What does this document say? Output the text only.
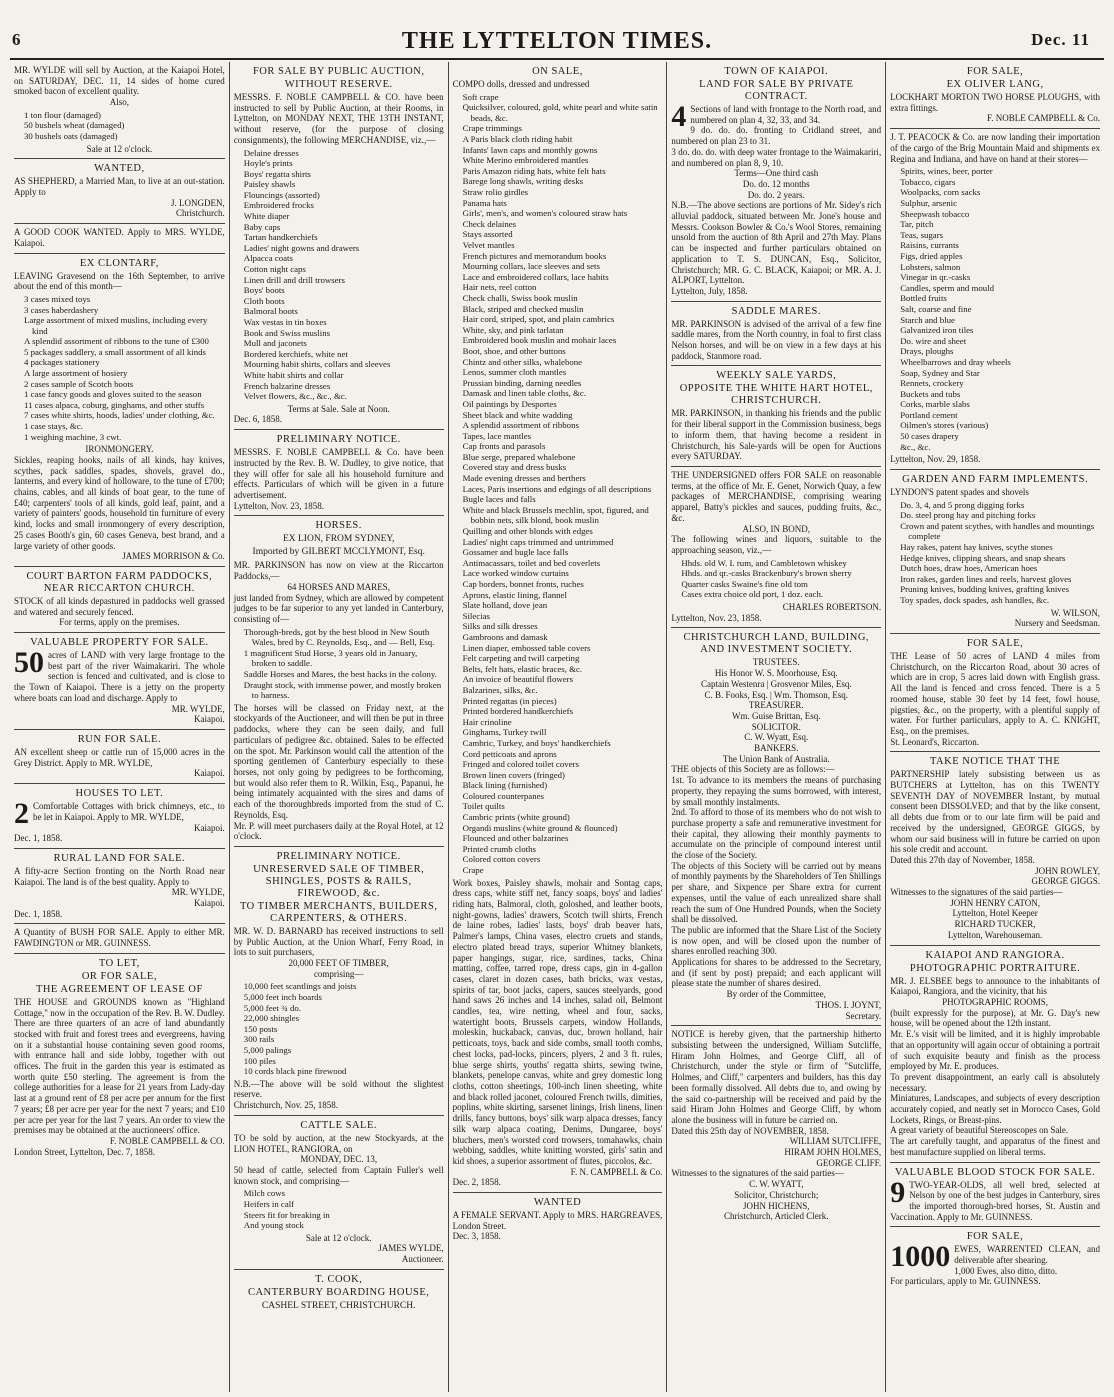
6	THE LYTTELTON TIMES.	Dec. 11

MR. WYLDE will sell by Auction, at the Kaiapoi Hotel, on SATURDAY, DEC. 11, 14 sides of home cured smoked bacon of excellent quality.

Also,

1 ton flour (damaged)
50 bushels wheat (damaged)
30 bushels oats (damaged)

Sale at 12 o'clock.

WANTED,

AS SHEPHERD, a Married Man, to live at an out-station. Apply to

J. LONGDEN,

Christchurch.

A GOOD COOK WANTED. Apply to MRS. WYLDE, Kaiapoi.

EX CLONTARF,

LEAVING Gravesend on the 16th September, to arrive about the end of this month—

3 cases mixed toys
3 cases haberdashery
Large assortment of mixed muslins, including every kind
A splendid assortment of ribbons to the tune of £300
5 packages saddlery, a small assortment of all kinds
4 packages stationery
A large assortment of hosiery
2 cases sample of Scotch boots
1 case fancy goods and gloves suited to the season
11 cases alpaca, coburg, ginghams, and other stuffs
7 cases white shirts, hoods, ladies' under clothing, &c.
1 case stays, &c.
1 weighing machine, 3 cwt.

IRONMONGERY.

Sickles, reaping hooks, nails of all kinds, hay knives, scythes, pack saddles, spades, shovels, gravel do., lanterns, and every kind of holloware, to the tune of £700; chains, cables, and all kinds of boat gear, to the tune of £40; carpenters' tools of all kinds, gold leaf, paint, and a variety of painters' goods, household tin furniture of every kind, locks and small ironmongery of every description, 25 cases Booth's gin, 60 cases Geneva, best brand, and a large variety of other goods.

JAMES MORRISON & Co.

COURT BARTON FARM PADDOCKS, NEAR RICCARTON CHURCH.

STOCK of all kinds depastured in paddocks well grassed and watered and securely fenced.

For terms, apply on the premises.

VALUABLE PROPERTY FOR SALE.
50 acres of LAND with very large frontage to the best part of the river Waimakariri. The whole section is fenced and cultivated, and is close to the Town of Kaiapoi. There is a jetty on the property where boats can load and discharge. Apply to

MR. WYLDE,

Kaiapoi.

RUN FOR SALE.

AN excellent sheep or cattle run of 15,000 acres in the Grey District. Apply to MR. WYLDE,

Kaiapoi.

HOUSES TO LET.
2 Comfortable Cottages with brick chimneys, etc., to be let in Kaiapoi. Apply to MR. WYLDE,

Kaiapoi.

Dec. 1, 1858.

RURAL LAND FOR SALE.

A fifty-acre Section fronting on the North Road near Kaiapoi. The land is of the best quality. Apply to

MR. WYLDE,

Kaiapoi.

Dec. 1, 1858.

A Quantity of BUSH FOR SALE. Apply to either MR. FAWDINGTON or MR. GUINNESS.

TO LET,
OR FOR SALE,
THE AGREEMENT OF LEASE OF

THE HOUSE and GROUNDS known as "Highland Cottage," now in the occupation of the Rev. B. W. Dudley. There are three quarters of an acre of land abundantly stocked with fruit and forest trees and evergreens, having on it a substantial house containing seven good rooms, with entrance hall and side lobby, together with out offices. The fruit in the garden this year is estimated as worth quite £50 sterling. The agreement is from the college authorities for a lease for 21 years from Lady-day last at a ground rent of £8 per acre per annum for the first 7 years; £8 per acre per year for the next 7 years; and £10 per acre per year for the last 7 years. An order to view the premises may be obtained at the auctioneers' office.

F. NOBLE CAMPBELL & CO.

London Street, Lyttelton, Dec. 7, 1858.

FOR SALE BY PUBLIC AUCTION,
WITHOUT RESERVE.

MESSRS. F. NOBLE CAMPBELL & CO. have been instructed to sell by Public Auction, at their Rooms, in Lyttelton, on MONDAY NEXT, THE 13TH INSTANT, without reserve, (for the purpose of closing consignments), the following MERCHANDISE, viz.,—

Delaine dresses
Hoyle's prints
Boys' regatta shirts
Paisley shawls
Flouncings (assorted)
Embroidered frocks
White diaper
Baby caps
Tartan handkerchiefs
Ladies' night gowns and drawers
Alpacca coats
Cotton night caps
Linen drill and drill trowsers
Boys' boots
Cloth boots
Balmoral boots
Wax vestas in tin boxes
Book and Swiss muslins
Mull and jaconets
Bordered kerchiefs, white net
Mourning habit shirts, collars and sleeves
White habit shirts and collar
French balzarine dresses
Velvet flowers, &c., &c., &c.

Terms at Sale. Sale at Noon.

Dec. 6, 1858.

PRELIMINARY NOTICE.

MESSRS. F. NOBLE CAMPBELL & Co. have been instructed by the Rev. B. W. Dudley, to give notice, that they will offer for sale all his household furniture and effects. Particulars of which will be given in a future advertisement.

Lyttelton, Nov. 23, 1858.

HORSES.

EX LION, FROM SYDNEY,

Imported by GILBERT MCCLYMONT, Esq.

MR. PARKINSON has now on view at the Riccarton Paddocks,—

64 HORSES AND MARES,

just landed from Sydney, which are allowed by competent judges to be far superior to any yet landed in Canterbury, consisting of—

Thorough-breds, got by the best blood in New South Wales, bred by C. Reynolds, Esq., and — Bell, Esq.
1 magnificent Stud Horse, 3 years old in January, broken to saddle.
Saddle Horses and Mares, the best hacks in the colony.
Draught stock, with immense power, and mostly broken to harness.

The horses will be classed on Friday next, at the stockyards of the Auctioneer, and will then be put in three paddocks, where they can be seen daily, and full particulars of pedigree &c. obtained. Sales to be effected on the spot. Mr. Parkinson would call the attention of the sporting gentlemen of Canterbury especially to these horses, not only going by pedigrees to be forthcoming, but would also refer them to R. Wilkin, Esq., Papanui, he being intimately acquainted with the sires and dams of each of the thoroughbreds imported from the stud of C. Reynolds, Esq.

Mr. P. will meet purchasers daily at the Royal Hotel, at 12 o'clock.

PRELIMINARY NOTICE.
UNRESERVED SALE OF TIMBER, SHINGLES, POSTS & RAILS, FIREWOOD, &c.
TO TIMBER MERCHANTS, BUILDERS, CARPENTERS, & OTHERS.

MR. W. D. BARNARD has received instructions to sell by Public Auction, at the Union Wharf, Ferry Road, in lots to suit purchasers,

20,000 FEET OF TIMBER,

comprising—

10,000 feet scantlings and joists
5,000 feet inch boards
5,000 feet ¾ do.
22,000 shingles
150 posts
300 rails
5,000 palings
100 piles
10 cords black pine firewood

N.B.—The above will be sold without the slightest reserve.

Christchurch, Nov. 25, 1858.

CATTLE SALE.

TO be sold by auction, at the new Stockyards, at the LION HOTEL, RANGIORA, on

MONDAY, DEC. 13,

50 head of cattle, selected from Captain Fuller's well known stock, and comprising—

Milch cows
Heifers in calf
Steers fit for breaking in
And young stock

Sale at 12 o'clock.

JAMES WYLDE,

Auctioneer.

T. COOK,
CANTERBURY BOARDING HOUSE,

CASHEL STREET, CHRISTCHURCH.

ON SALE,

COMPO dolls, dressed and undressed

Soft crape
Quicksilver, coloured, gold, white pearl and white satin beads, &c.
Crape trimmings
A Paris black cloth riding habit
Infants' lawn caps and monthly gowns
White Merino embroidered mantles
Paris Amazon riding hats, white felt hats
Barege long shawls, writing desks
Straw rolio girdles
Panama hats
Girls', men's, and women's coloured straw hats
Check delaines
Stays assorted
Velvet mantles
French pictures and memorandum books
Mourning collars, lace sleeves and sets
Lace and embroidered collars, lace habits
Hair nets, reel cotton
Check challi, Swiss book muslin
Black, striped and checked muslin
Hair cord, striped, spot, and plain cambrics
White, sky, and pink tarlatan
Embroidered book muslin and mohair laces
Boot, shoe, and other buttons
Chintz and other silks, whalebone
Lenos, summer cloth mantles
Prussian binding, darning needles
Damask and linen table cloths, &c.
Oil paintings by Desportes
Sheet black and white wadding
A splendid assortment of ribbons
Tapes, lace mantles
Cap fronts and parasols
Blue serge, prepared whalebone
Covered stay and dress busks
Made evening dresses and berthers
Laces, Paris insertions and edgings of all descriptions
Bugle laces and falls
White and black Brussels mechlin, spot, figured, and bobbin nets, silk blond, book muslin
Quilling and other blonds with edges
Ladies' night caps trimmed and untrimmed
Gossamer and bugle lace falls
Antimacassars, toilet and bed coverlets
Lace worked window curtains
Cap borders, bonnet fronts, ruches
Aprons, elastic lining, flannel
Slate holland, dove jean
Silecias
Silks and silk dresses
Gambroons and damask
Linen diaper, embossed table covers
Felt carpeting and twill carpeting
Belts, felt hats, elastic braces, &c.
An invoice of beautiful flowers
Balzarines, silks, &c.
Printed regattas (in pieces)
Printed bordered handkerchiefs
Hair crinoline
Ginghams, Turkey twill
Cambric, Turkey, and boys' handkerchiefs
Cord petticoats and aprons
Fringed and colored toilet covers
Brown linen covers (fringed)
Black lining (furnished)
Coloured counterpanes
Toilet quilts
Cambric prints (white ground)
Organdi muslins (white ground & flounced)
Flounced and other balzarines
Printed crumb cloths
Colored cotton covers
Crape

Work boxes, Paisley shawls, mohair and Sontag caps, dress caps, white stiff net, fancy soaps, boys' and ladies' riding hats, Balmoral, cloth, goloshed, and leather boots, night-gowns, ladies' drawers, Scotch twill shirts, French de laine robes, ladies' lasts, boys' drab beaver hats, Palmer's lamps, China vases, electro cruets and stands, electro plated bread trays, superior Whitney blankets, paper hangings, sugar, rice, sardines, tacks, China matting, coffee, tarred rope, dress caps, gin in 4-gallon cases, claret in dozen cases, bath bricks, wax vestas, spirits of tar, boot jacks, capers, sauces steelyards, good hand saws 26 inches and 14 inches, salad oil, Belmont candles, tea, wire netting, wheel and four, sacks, watertight boots, Brussels carpets, window Hollands, moleskin, huckaback, canvas, duc, brown holland, hair petticoats, toys, back and side combs, small tooth combs, chest locks, pad-locks, pincers, plyers, 2 and 3 ft. rules, blue serge shirts, youths' regatta shirts, sewing twine, blankets, penelope canvas, white and grey domestic long cloths, cotton sheetings, 100-inch linen sheeting, white and black rolled jaconet, coloured French twills, dimities, poplins, white skirting, sarsenet linings, Irish linens, linen drills, fancy buttons, boys' silk warp alpaca dresses, fancy silk warp alpaca coating, Denims, Dungaree, boys' bluchers, men's worsted cord trowsers, tomahawks, chain webbing, saddles, white knitting worsted, girls' satin and kid shoes, a superior assortment of flutes, piccolos, &c.

F. N. CAMPBELL & Co.

Dec. 2, 1858.

WANTED

A FEMALE SERVANT. Apply to MRS. HARGREAVES, London Street.

Dec. 3, 1858.

TOWN OF KAIAPOI.
LAND FOR SALE BY PRIVATE CONTRACT.
4 Sections of land with frontage to the North road, and numbered on plan 4, 32, 33, and 34.

9 do. do. do. fronting to Cridland street, and numbered on plan 23 to 31.

3 do. do. do. with deep water frontage to the Waimakariri, and numbered on plan 8, 9, 10.

Terms—One third cash

Do. do. 12 months

Do. do. 2 years.

N.B.—The above sections are portions of Mr. Sidey's rich alluvial paddock, situated between Mr. Jone's house and Messrs. Cookson Bowler & Co.'s Wool Stores, remaining unsold from the auction of 8th April and 27th May. Plans can be inspected and further particulars obtained on application to T. S. DUNCAN, Esq., Solicitor, Christchurch; MR. G. C. BLACK, Kaiapoi; or MR. A. J. ALPORT, Lyttelton.

Lyttelton, July, 1858.

SADDLE MARES.

MR. PARKINSON is advised of the arrival of a few fine saddle mares, from the North country, in foal to first class Nelson horses, and will be on view in a few days at his paddock, Stanmore road.

WEEKLY SALE YARDS,
OPPOSITE THE WHITE HART HOTEL, CHRISTCHURCH.

MR. PARKINSON, in thanking his friends and the public for their liberal support in the Commission business, begs to inform them, that having become a resident in Christchurch, his Sale-yards will be open for Auctions every SATURDAY.

THE UNDERSIGNED offers FOR SALE on reasonable terms, at the office of Mr. E. Genet, Norwich Quay, a few packages of MERCHANDISE, comprising wearing apparel, Batty's pickles and sauces, pudding fruits, &c., &c.

ALSO, IN BOND,

The following wines and liquors, suitable to the approaching season, viz.,—

Hhds. old W. I. rum, and Cambletown whiskey
Hhds. and qr.-casks Brackenbury's brown sherry
Quarter casks Swaine's fine old tom
Cases extra choice old port, 1 doz. each.

CHARLES ROBERTSON.

Lyttelton, Nov. 23, 1858.

CHRISTCHURCH LAND, BUILDING, AND INVESTMENT SOCIETY.

TRUSTEES.

His Honor W. S. Moorhouse, Esq.

Captain Westenra | Grosvenor Miles, Esq.

C. B. Fooks, Esq. | Wm. Thomson, Esq.

TREASURER.

Wm. Guise Brittan, Esq.

SOLICITOR.

C. W. Wyatt, Esq.

BANKERS.

The Union Bank of Australia.

THE objects of this Society are as follows:—

1st. To advance to its members the means of purchasing property, they repaying the sums borrowed, with interest, by small monthly instalments.

2nd. To afford to those of its members who do not wish to purchase property a safe and remunerative investment for their capital, they allowing their monthly payments to accumulate on the principle of compound interest until the close of the Society.

The objects of this Society will be carried out by means of monthly payments by the Shareholders of Ten Shillings per share, and Sixpence per Share extra for current expenses, until the value of each unrealized share shall reach the sum of One Hundred Pounds, when the Society shall be dissolved.

The public are informed that the Share List of the Society is now open, and will be closed upon the number of shares enrolled reaching 300.

Applications for shares to be addressed to the Secretary, and (if sent by post) prepaid; and each applicant will please state the number of shares desired.

By order of the Committee,

THOS. I. JOYNT,

Secretary.

NOTICE is hereby given, that the partnership hitherto subsisting between the undersigned, William Sutcliffe, Hiram John Holmes, and George Cliff, all of Christchurch, under the style or firm of "Sutcliffe, Holmes, and Cliff," carpenters and builders, has this day been formally dissolved. All debts due to, and owing by the said co-partnership will be received and paid by the said Hiram John Holmes and George Cliff, by whom alone the business will in future be carried on.

Dated this 25th day of NOVEMBER, 1858.

WILLIAM SUTCLIFFE,

HIRAM JOHN HOLMES,

GEORGE CLIFF.

Witnesses to the signatures of the said parties—

C. W. WYATT,

Solicitor, Christchurch;

JOHN HICHENS,

Christchurch, Articled Clerk.

FOR SALE,
EX OLIVER LANG,

LOCKHART MORTON TWO HORSE PLOUGHS, with extra fittings.

F. NOBLE CAMPBELL & Co.

J. T. PEACOCK & Co. are now landing their importation of the cargo of the Brig Mountain Maid and shipments ex Regina and Indiana, and have on hand at their stores—

Spirits, wines, beer, porter
Tobacco, cigars
Woolpacks, corn sacks
Sulphur, arsenic
Sheepwash tobacco
Tar, pitch
Teas, sugars
Raisins, currants
Figs, dried apples
Lobsters, salmon
Vinegar in qr.-casks
Candles, sperm and mould
Bottled fruits
Salt, coarse and fine
Starch and blue
Galvanized iron tiles
Do. wire and sheet
Drays, ploughs
Wheelbarrows and dray wheels
Soap, Sydney and Star
Rennets, crockery
Buckets and tubs
Corks, marble slabs
Portland cement
Oilmen's stores (various)
50 cases drapery
&c., &c.

Lyttelton, Nov. 29, 1858.

GARDEN AND FARM IMPLEMENTS.

LYNDON'S patent spades and shovels

Do. 3, 4, and 5 prong digging forks
Do. steel prong hay and pitching forks
Crown and patent scythes, with handles and mountings complete
Hay rakes, patent hay knives, scythe stones
Hedge knives, clipping shears, and snap shears
Dutch hoes, draw hoes, American hoes
Iron rakes, garden lines and reels, harvest gloves
Pruning knives, budding knives, grafting knives
Toy spades, dock spades, ash handles, &c.

W. WILSON,

Nursery and Seedsman.

FOR SALE,

THE Lease of 50 acres of LAND 4 miles from Christchurch, on the Riccarton Road, about 30 acres of which are in crop, 5 acres laid down with English grass. All the land is fenced and cross fenced. There is a 5 roomed house, stable 30 feet by 14 feet, fowl house, pigsties, &c., on the property, with a plentiful supply of water. For further particulars, apply to A. C. KNIGHT, Esq., on the premises.

St. Leonard's, Riccarton.

TAKE NOTICE THAT THE

PARTNERSHIP lately subsisting between us as BUTCHERS at Lyttelton, has on this TWENTY SEVENTH DAY of NOVEMBER Instant, by mutual consent been DISSOLVED; and that by the like consent, all debts due from or to our late firm will be paid and received by the undersigned, GEORGE GIGGS, by whom our said business will in future be carried on upon his sole credit and account.

Dated this 27th day of November, 1858.

JOHN ROWLEY,

GEORGE GIGGS.

Witnesses to the signatures of the said parties—

JOHN HENRY CATON,

Lyttelton, Hotel Keeper

RICHARD TUCKER,

Lyttelton, Warehouseman.

KAIAPOI AND RANGIORA.
PHOTOGRAPHIC PORTRAITURE.

MR. J. ELSBEE begs to announce to the inhabitants of Kaiapoi, Rangiora, and the vicinity, that his

PHOTOGRAPHIC ROOMS,

(built expressly for the purpose), at Mr. G. Day's new house, will be opened about the 12th instant.

Mr. E.'s visit will be limited, and it is highly improbable that an opportunity will again occur of obtaining a portrait of such exquisite beauty and finish as the process employed by Mr. E. produces.

To prevent disappointment, an early call is absolutely necessary.

Miniatures, Landscapes, and subjects of every description accurately copied, and neatly set in Morocco Cases, Gold Lockets, Rings, or Breast-pins.

A great variety of beautiful Stereoscopes on Sale.

The art carefully taught, and apparatus of the finest and best manufacture supplied on liberal terms.

VALUABLE BLOOD STOCK FOR SALE.
9 TWO-YEAR-OLDS, all well bred, selected at Nelson by one of the best judges in Canterbury, sires the imported thorough-bred horses, St. Austin and Vaccination. Apply to Mr. GUINNESS.

FOR SALE,
1000 EWES, WARRENTED CLEAN, and deliverable after shearing.

1,000 Ewes, also ditto, ditto.

For particulars, apply to Mr. GUINNESS.
